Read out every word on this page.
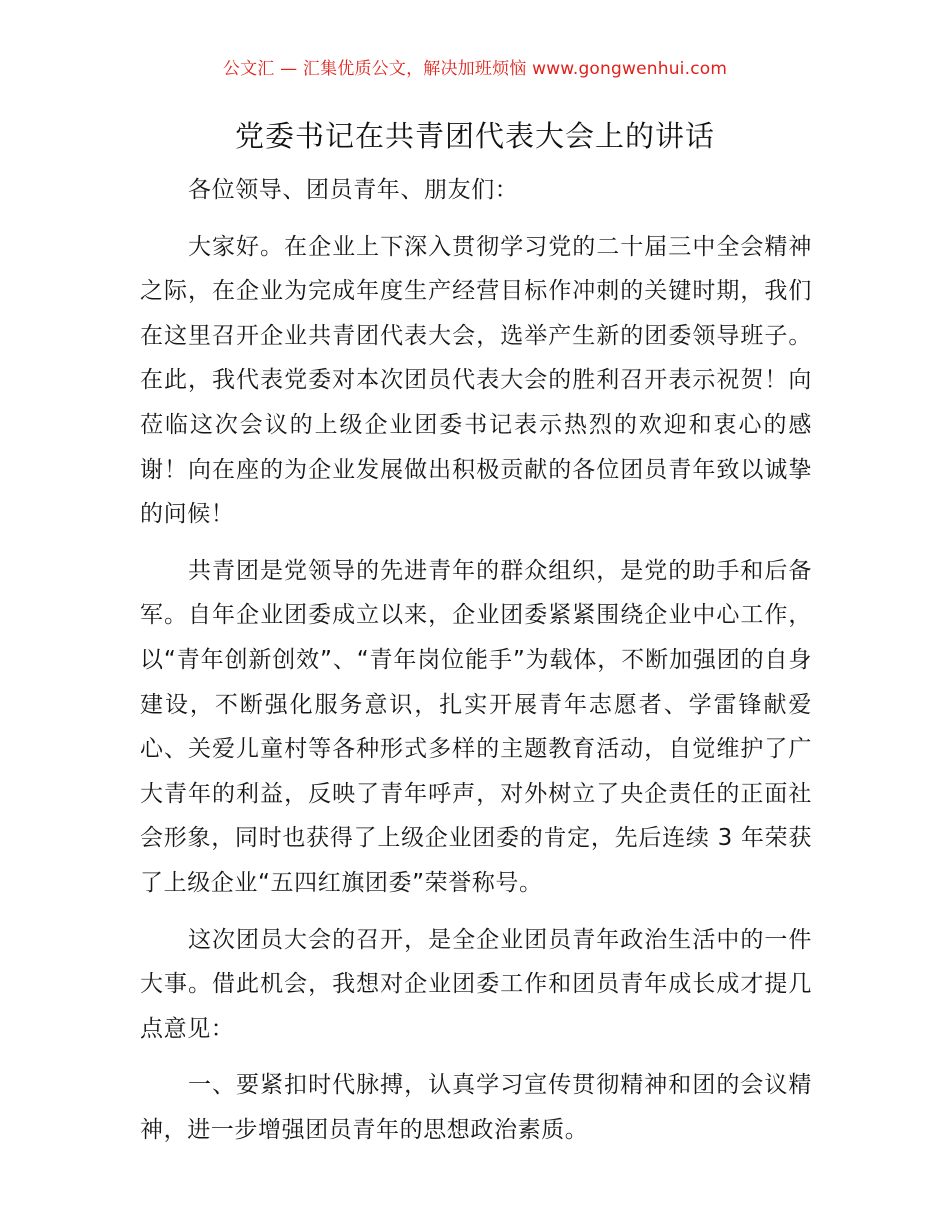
公文汇 — 汇集优质公文，解决加班烦恼 www.gongwenhui.com
党委书记在共青团代表大会上的讲话

各位领导、团员青年、朋友们：

大家好。在企业上下深入贯彻学习党的二十届三中全会精神之际，在企业为完成年度生产经营目标作冲刺的关键时期，我们在这里召开企业共青团代表大会，选举产生新的团委领导班子。在此，我代表党委对本次团员代表大会的胜利召开表示祝贺！向莅临这次会议的上级企业团委书记表示热烈的欢迎和衷心的感谢！向在座的为企业发展做出积极贡献的各位团员青年致以诚挚的问候！

共青团是党领导的先进青年的群众组织，是党的助手和后备军。自年企业团委成立以来，企业团委紧紧围绕企业中心工作，以“青年创新创效”、“青年岗位能手”为载体，不断加强团的自身建设，不断强化服务意识，扎实开展青年志愿者、学雷锋献爱心、关爱儿童村等各种形式多样的主题教育活动，自觉维护了广大青年的利益，反映了青年呼声，对外树立了央企责任的正面社会形象，同时也获得了上级企业团委的肯定，先后连续 3 年荣获了上级企业“五四红旗团委”荣誉称号。

这次团员大会的召开，是全企业团员青年政治生活中的一件大事。借此机会，我想对企业团委工作和团员青年成长成才提几点意见：

一、要紧扣时代脉搏，认真学习宣传贯彻精神和团的会议精神，进一步增强团员青年的思想政治素质。
